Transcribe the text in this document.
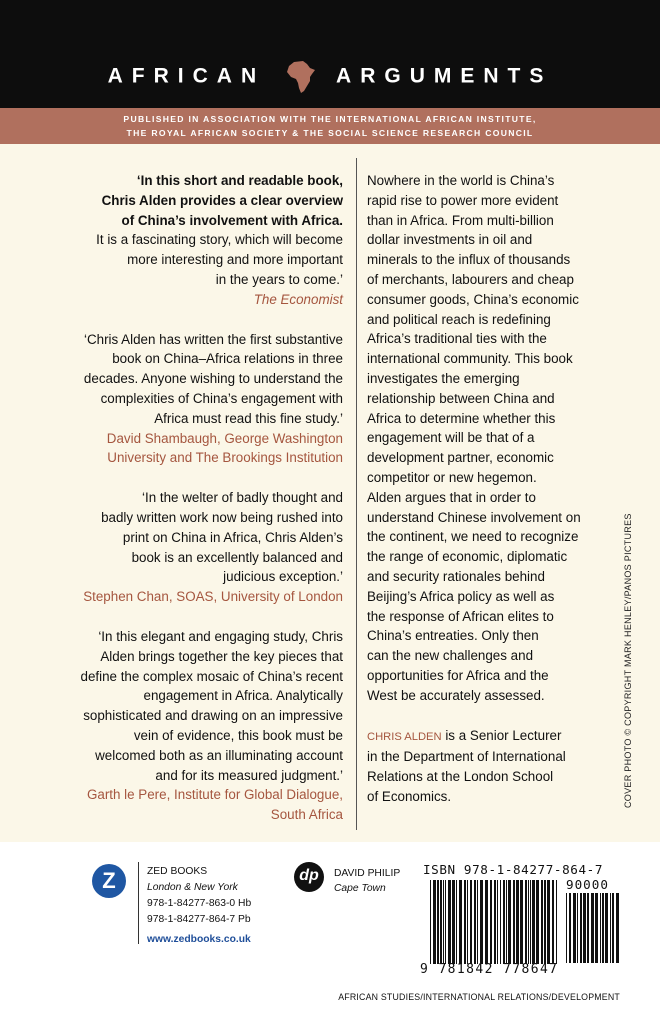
AFRICAN	ARGUMENTS
PUBLISHED IN ASSOCIATION WITH THE INTERNATIONAL AFRICAN INSTITUTE,
THE ROYAL AFRICAN SOCIETY & THE SOCIAL SCIENCE RESEARCH COUNCIL

‘In this short and readable book,

Chris Alden provides a clear overview

of China’s involvement with Africa.

It is a fascinating story, which will become

more interesting and more important

in the years to come.’

The Economist

‘Chris Alden has written the first substantive

book on China–Africa relations in three

decades. Anyone wishing to understand the

complexities of China’s engagement with

Africa must read this fine study.’

David Shambaugh, George Washington

University and The Brookings Institution

‘In the welter of badly thought and

badly written work now being rushed into

print on China in Africa, Chris Alden’s

book is an excellently balanced and

judicious exception.’

Stephen Chan, SOAS, University of London

‘In this elegant and engaging study, Chris

Alden brings together the key pieces that

define the complex mosaic of China’s recent

engagement in Africa. Analytically

sophisticated and drawing on an impressive

vein of evidence, this book must be

welcomed both as an illuminating account

and for its measured judgment.’

Garth le Pere, Institute for Global Dialogue,

South Africa

Nowhere in the world is China’s
rapid rise to power more evident
than in Africa. From multi-billion
dollar investments in oil and
minerals to the influx of thousands
of merchants, labourers and cheap
consumer goods, China’s economic
and political reach is redefining
Africa’s traditional ties with the
international community. This book
investigates the emerging
relationship between China and
Africa to determine whether this
engagement will be that of a
development partner, economic
competitor or new hegemon.
Alden argues that in order to
understand Chinese involvement on
the continent, we need to recognize
the range of economic, diplomatic
and security rationales behind
Beijing’s Africa policy as well as
the response of African elites to
China’s entreaties. Only then
can the new challenges and
opportunities for Africa and the
West be accurately assessed.

CHRIS ALDEN is a Senior Lecturer
in the Department of International
Relations at the London School
of Economics.	COVER PHOTO © COPYRIGHT MARK HENLEY/PANOS PICTURES
Z	ZED BOOKS
London & New York
978-1-84277-863-0 Hb
978-1-84277-864-7 Pb
www.zedbooks.co.uk
dp	DAVID PHILIP
Cape Town
ISBN 978-1-84277-864-7
90000
9 781842 778647
AFRICAN STUDIES/INTERNATIONAL RELATIONS/DEVELOPMENT
